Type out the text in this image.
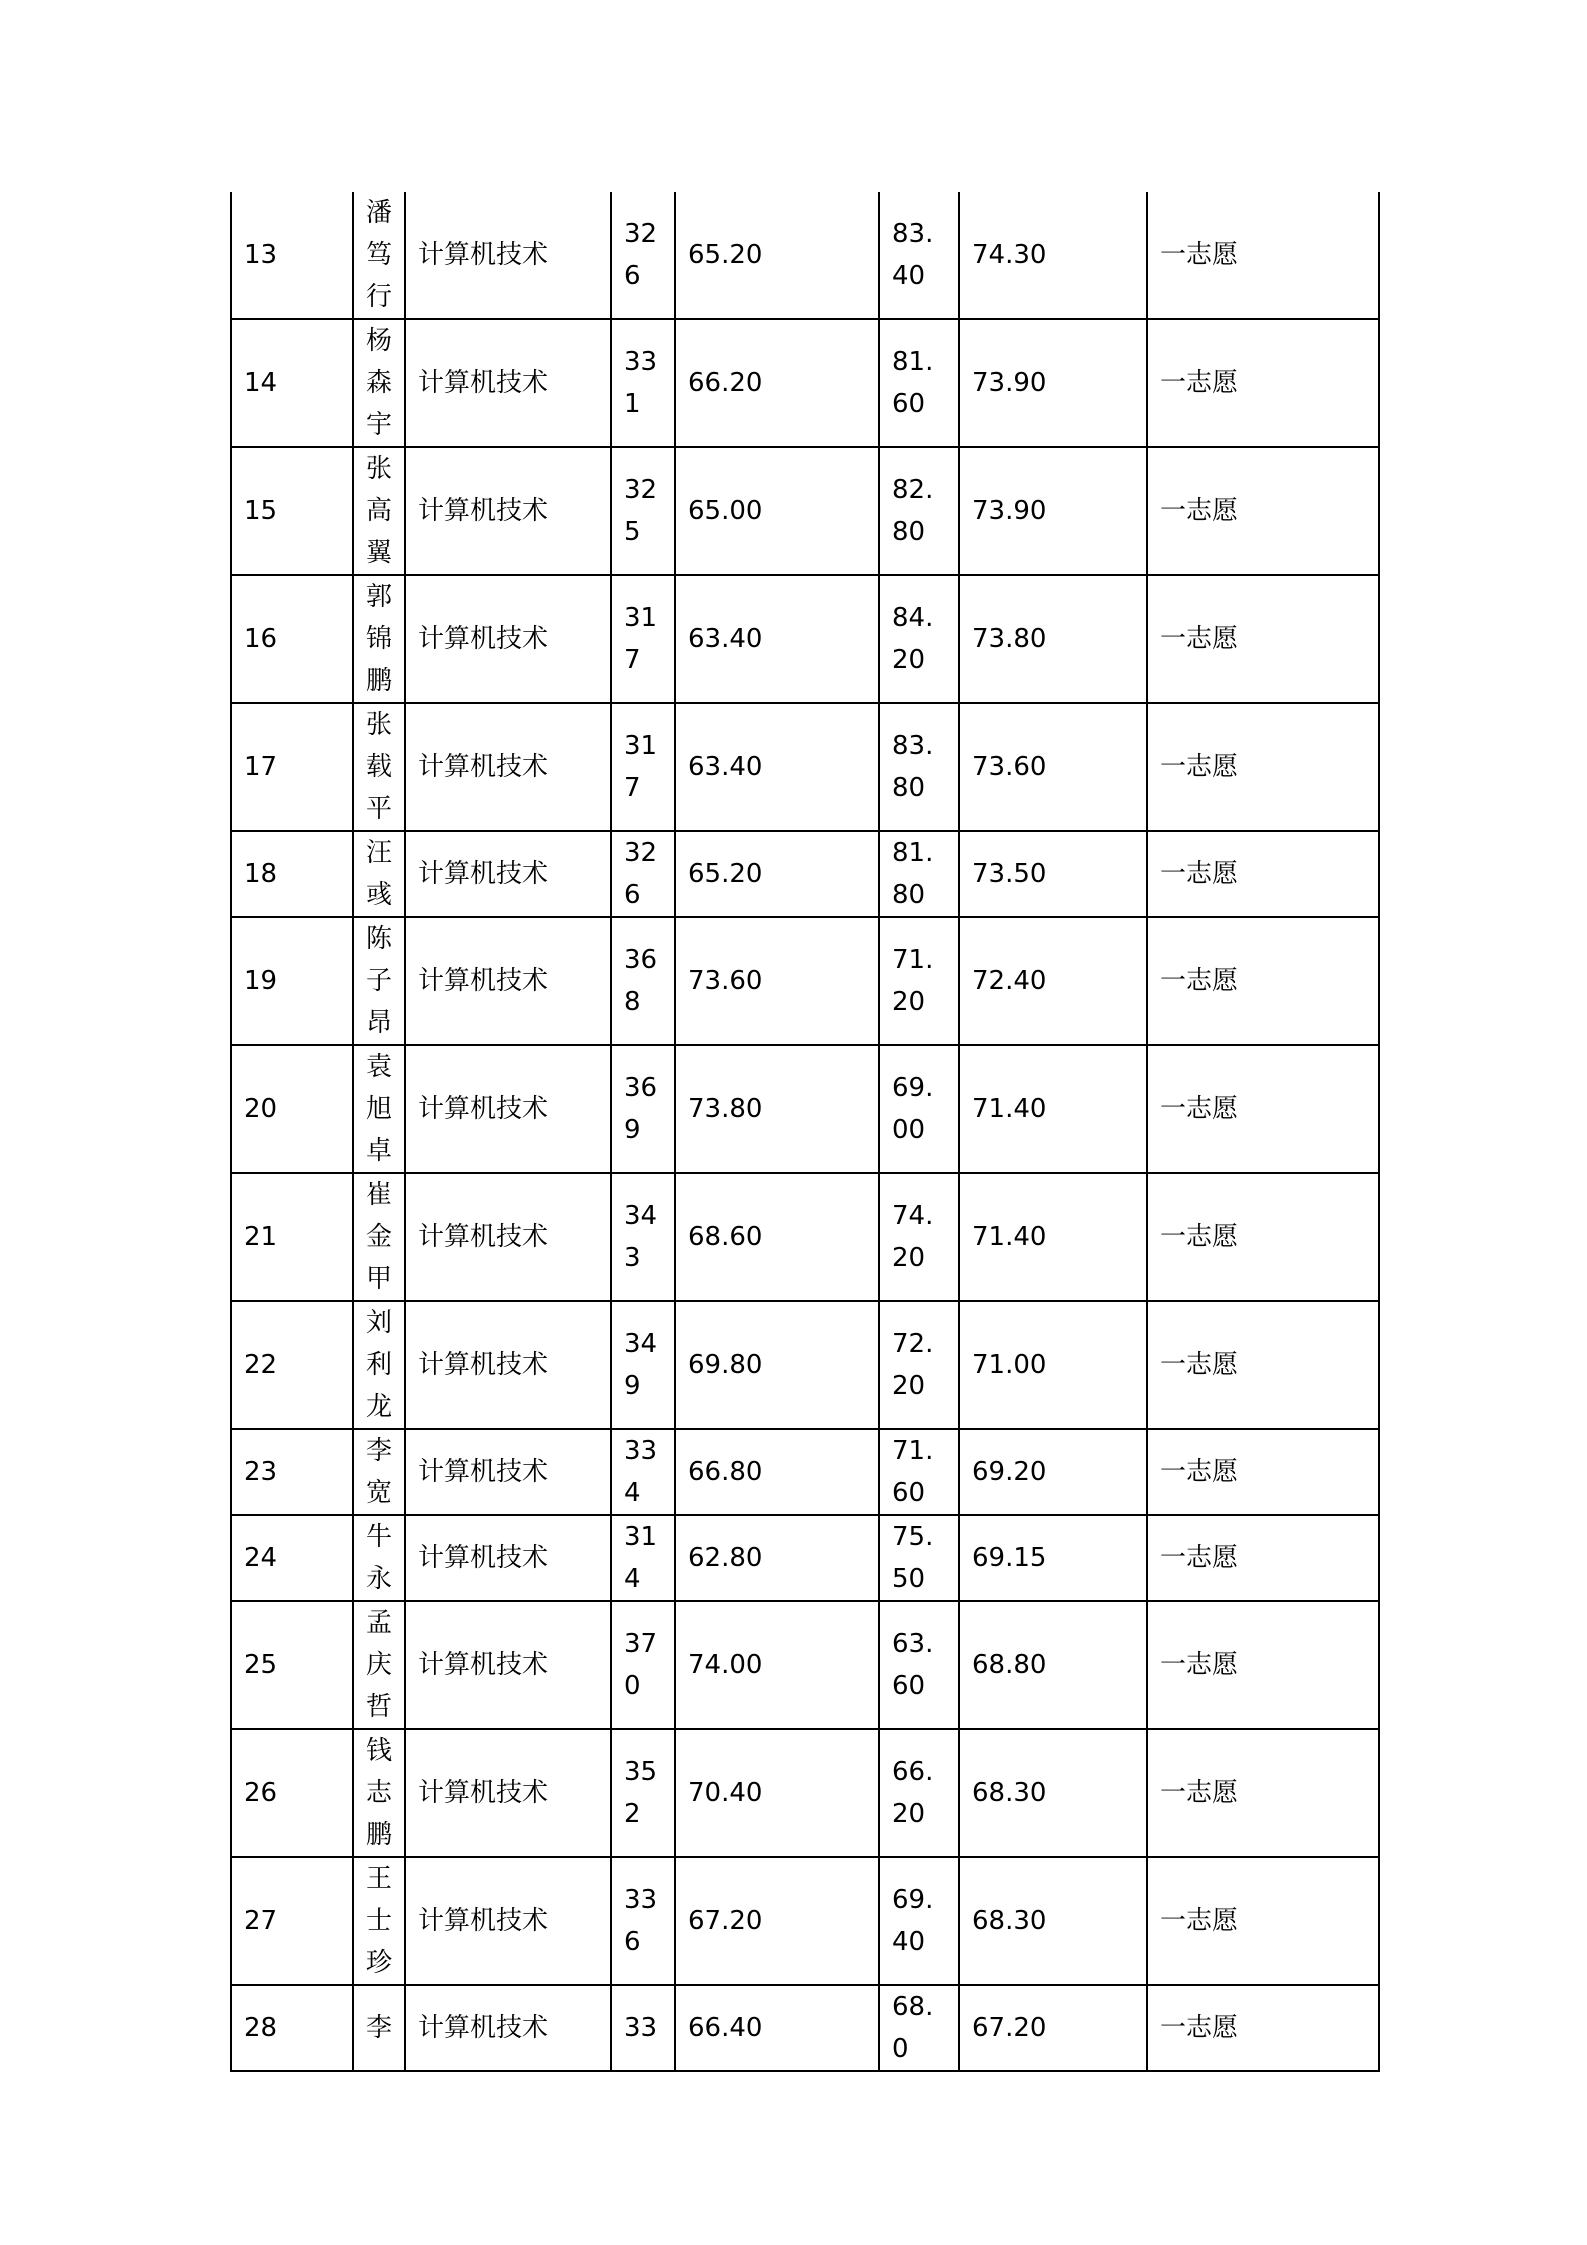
13	潘笃行	计算机技术	326	65.20	83.40	74.30	一志愿
14	杨森宇	计算机技术	331	66.20	81.60	73.90	一志愿
15	张高翼	计算机技术	325	65.00	82.80	73.90	一志愿
16	郭锦鹏	计算机技术	317	63.40	84.20	73.80	一志愿
17	张载平	计算机技术	317	63.40	83.80	73.60	一志愿
18	汪彧	计算机技术	326	65.20	81.80	73.50	一志愿
19	陈子昂	计算机技术	368	73.60	71.20	72.40	一志愿
20	袁旭卓	计算机技术	369	73.80	69.00	71.40	一志愿
21	崔金甲	计算机技术	343	68.60	74.20	71.40	一志愿
22	刘利龙	计算机技术	349	69.80	72.20	71.00	一志愿
23	李宽	计算机技术	334	66.80	71.60	69.20	一志愿
24	牛永	计算机技术	314	62.80	75.50	69.15	一志愿
25	孟庆哲	计算机技术	370	74.00	63.60	68.80	一志愿
26	钱志鹏	计算机技术	352	70.40	66.20	68.30	一志愿
27	王士珍	计算机技术	336	67.20	69.40	68.30	一志愿
28	李	计算机技术	33	66.40	68.0	67.20	一志愿
